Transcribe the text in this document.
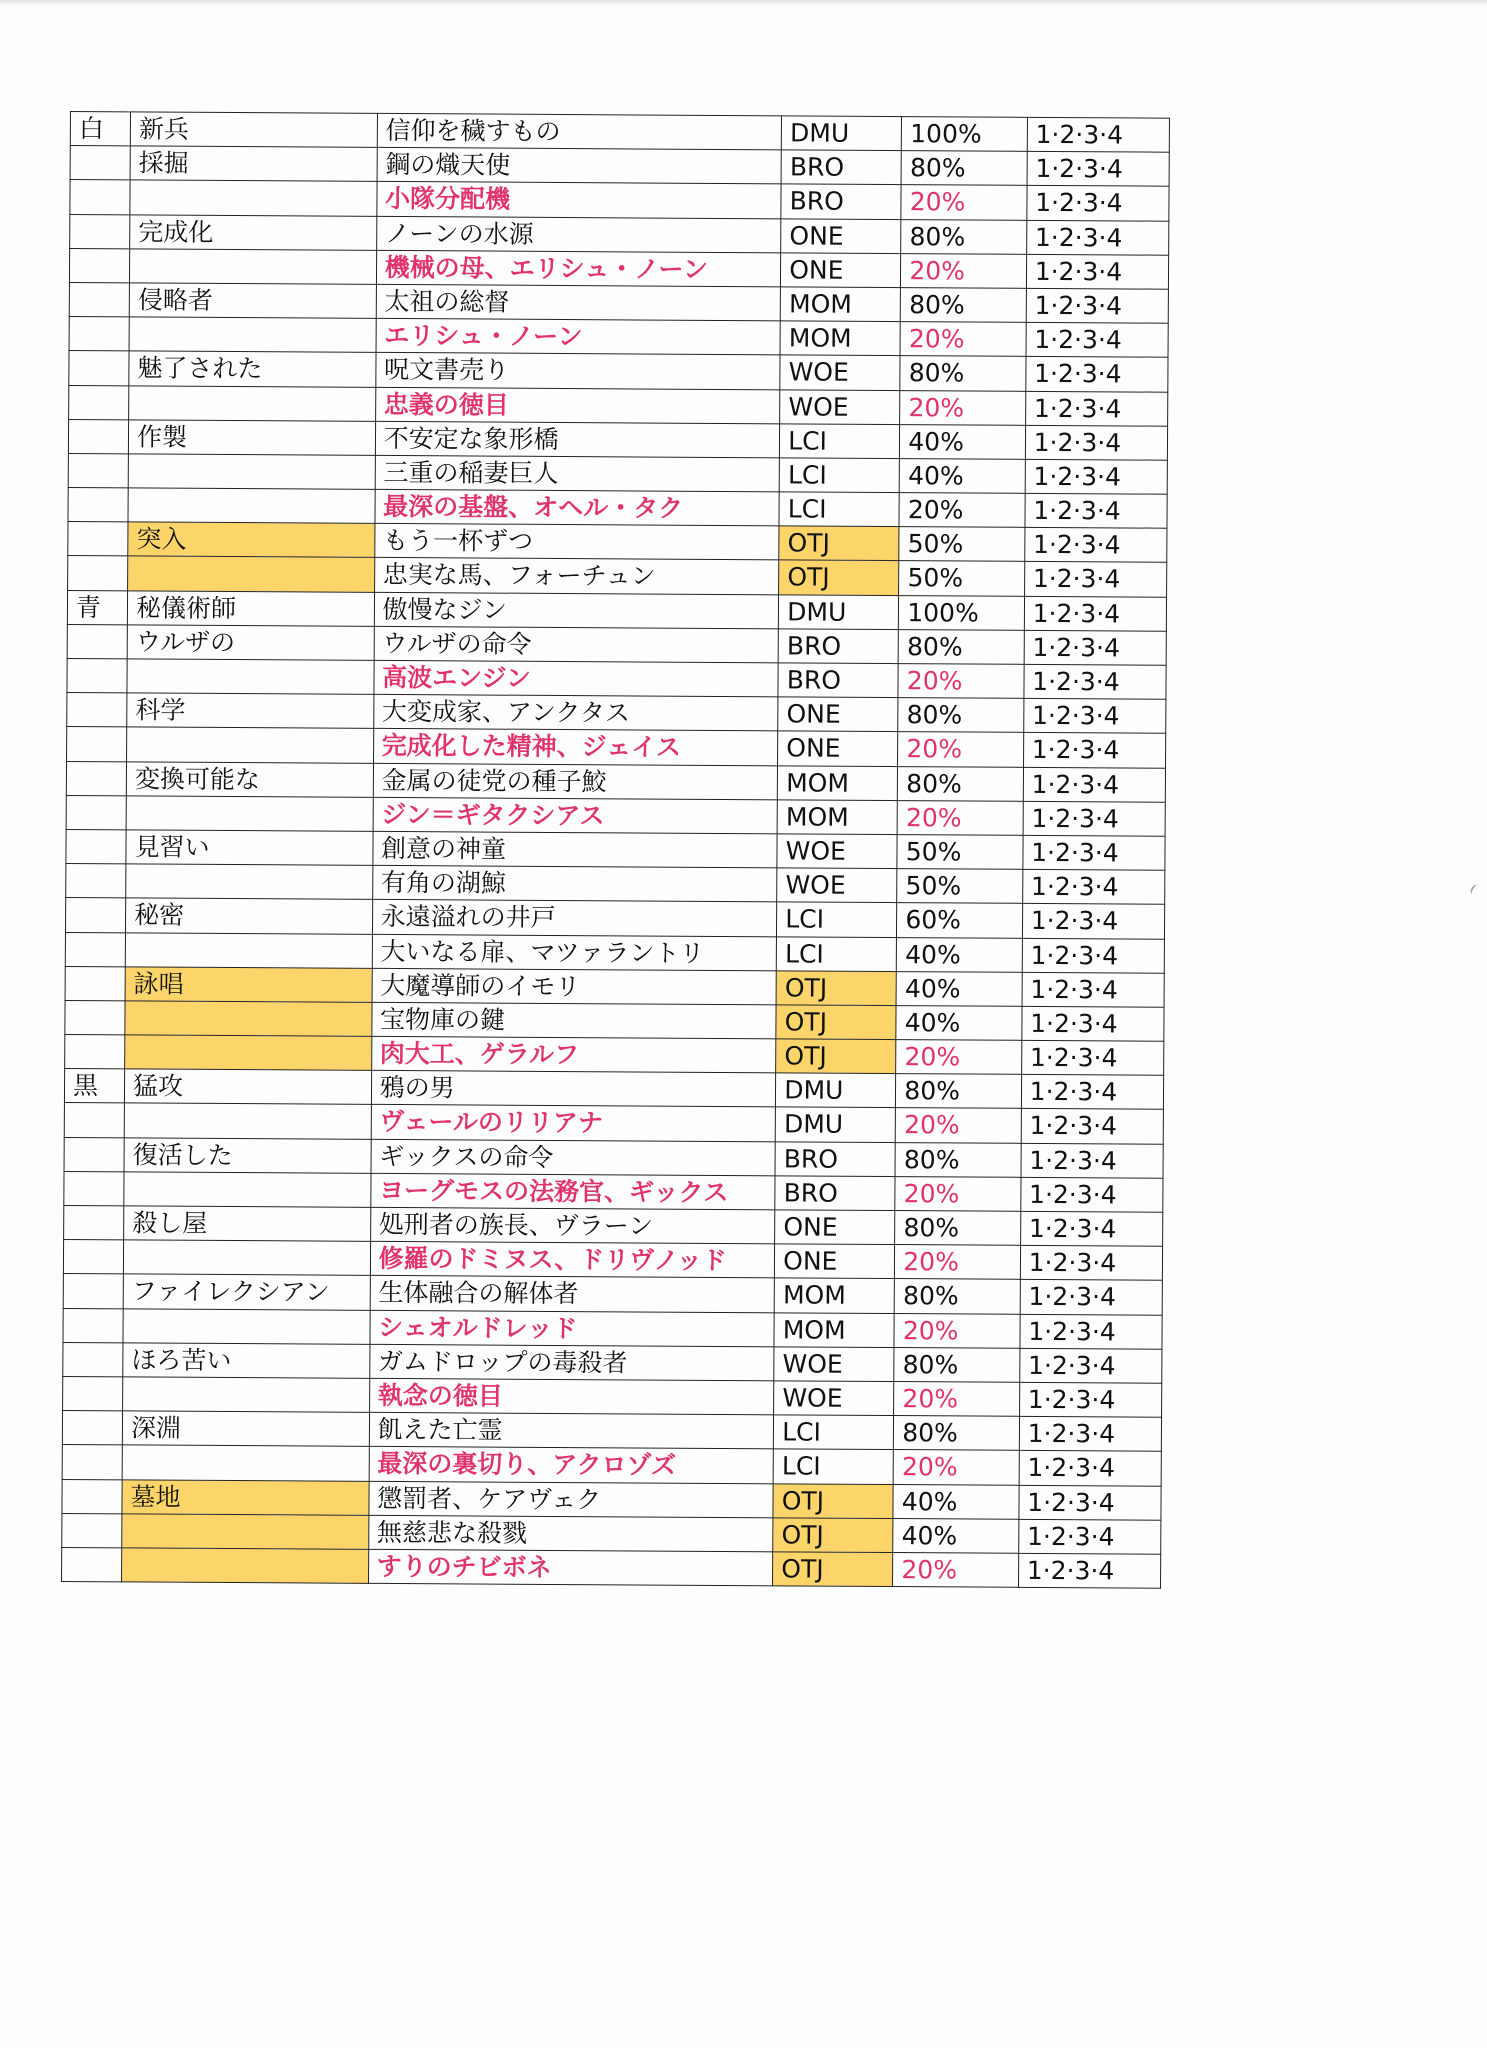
白	新兵	信仰を穢すもの	DMU	100%	1·2·3·4
	採掘	鋼の熾天使	BRO	80%	1·2·3·4
		小隊分配機	BRO	20%	1·2·3·4
	完成化	ノーンの水源	ONE	80%	1·2·3·4
		機械の母、エリシュ・ノーン	ONE	20%	1·2·3·4
	侵略者	太祖の総督	MOM	80%	1·2·3·4
		エリシュ・ノーン	MOM	20%	1·2·3·4
	魅了された	呪文書売り	WOE	80%	1·2·3·4
		忠義の徳目	WOE	20%	1·2·3·4
	作製	不安定な象形橋	LCI	40%	1·2·3·4
		三重の稲妻巨人	LCI	40%	1·2·3·4
		最深の基盤、オヘル・タク	LCI	20%	1·2·3·4
	突入	もう一杯ずつ	OTJ	50%	1·2·3·4
		忠実な馬、フォーチュン	OTJ	50%	1·2·3·4
青	秘儀術師	傲慢なジン	DMU	100%	1·2·3·4
	ウルザの	ウルザの命令	BRO	80%	1·2·3·4
		高波エンジン	BRO	20%	1·2·3·4
	科学	大変成家、アンクタス	ONE	80%	1·2·3·4
		完成化した精神、ジェイス	ONE	20%	1·2·3·4
	変換可能な	金属の徒党の種子鮫	MOM	80%	1·2·3·4
		ジン＝ギタクシアス	MOM	20%	1·2·3·4
	見習い	創意の神童	WOE	50%	1·2·3·4
		有角の湖鯨	WOE	50%	1·2·3·4
	秘密	永遠溢れの井戸	LCI	60%	1·2·3·4
		大いなる扉、マツァラントリ	LCI	40%	1·2·3·4
	詠唱	大魔導師のイモリ	OTJ	40%	1·2·3·4
		宝物庫の鍵	OTJ	40%	1·2·3·4
		肉大工、ゲラルフ	OTJ	20%	1·2·3·4
黒	猛攻	鴉の男	DMU	80%	1·2·3·4
		ヴェールのリリアナ	DMU	20%	1·2·3·4
	復活した	ギックスの命令	BRO	80%	1·2·3·4
		ヨーグモスの法務官、ギックス	BRO	20%	1·2·3·4
	殺し屋	処刑者の族長、ヴラーン	ONE	80%	1·2·3·4
		修羅のドミヌス、ドリヴノッド	ONE	20%	1·2·3·4
	ファイレクシアン	生体融合の解体者	MOM	80%	1·2·3·4
		シェオルドレッド	MOM	20%	1·2·3·4
	ほろ苦い	ガムドロップの毒殺者	WOE	80%	1·2·3·4
		執念の徳目	WOE	20%	1·2·3·4
	深淵	飢えた亡霊	LCI	80%	1·2·3·4
		最深の裏切り、アクロゾズ	LCI	20%	1·2·3·4
	墓地	懲罰者、ケアヴェク	OTJ	40%	1·2·3·4
		無慈悲な殺戮	OTJ	40%	1·2·3·4
		すりのチビボネ	OTJ	20%	1·2·3·4
